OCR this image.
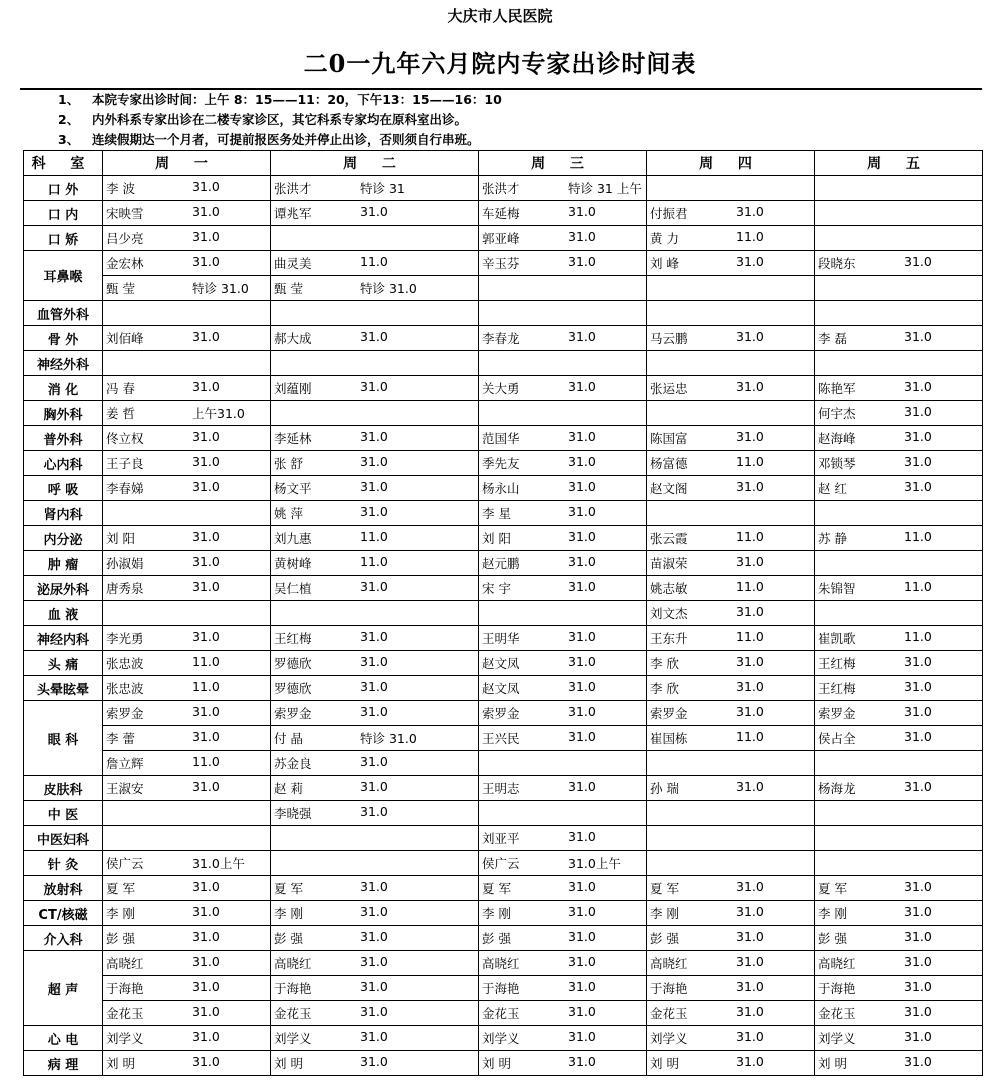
大庆市人民医院
二0一九年六月院内专家出诊时间表
1、 本院专家出诊时间：上午 8：15——11：20，下午13：15——16：10
2、 内外科系专家出诊在二楼专家诊区，其它科系专家均在原科室出诊。
3、 连续假期达一个月者，可提前报医务处并停止出诊，否则须自行串班。
科 室	周 一	周 二	周 三	周 四	周 五
口 外	李 波 31.0	张洪才 特诊 31	张洪才 特诊 31 上午		

口 内	宋映雪 31.0	谭兆军 31.0	车延梅 31.0	付振君 31.0	

口 矫	吕少亮 31.0		郭亚峰 31.0	黄 力 11.0	

耳鼻喉	金宏林 31.0	曲灵美 11.0	辛玉芬 31.0	刘 峰 31.0	段晓东 31.0

	甄 莹 特诊 31.0	甄 莹 特诊 31.0			

血管外科	

骨 外	刘佰峰 31.0	郝大成 31.0	李春龙 31.0	马云鹏 31.0	李 磊 31.0

神经外科	

消 化	冯 春 31.0	刘蕴刚 31.0	关大勇 31.0	张运忠 31.0	陈艳军 31.0

胸外科	姜 哲 上午31.0				何宇杰 31.0

普外科	佟立权 31.0	李延林 31.0	范国华 31.0	陈国富 31.0	赵海峰 31.0

心内科	王子良 31.0	张 舒 31.0	季先友 31.0	杨富德 11.0	邓锁琴 31.0

呼 吸	李春娣 31.0	杨文平 31.0	杨永山 31.0	赵文阁 31.0	赵 红 31.0

肾内科		姚 萍 31.0	李 星 31.0		

内分泌	刘 阳 31.0	刘九惠 11.0	刘 阳 31.0	张云霞 11.0	苏 静 11.0

肿 瘤	孙淑娟 31.0	黄树峰 11.0	赵元鹏 31.0	苗淑荣 31.0	

泌尿外科	唐秀泉 31.0	吴仁植 31.0	宋 宇 31.0	姚志敏 11.0	朱锦智 11.0

血 液				刘文杰 31.0	

神经内科	李光勇 31.0	王红梅 31.0	王明华 31.0	王东升 11.0	崔凯歌 11.0

头 痛	张忠波 11.0	罗德欣 31.0	赵文凤 31.0	李 欣 31.0	王红梅 31.0

头晕眩晕	张忠波 11.0	罗德欣 31.0	赵文凤 31.0	李 欣 31.0	王红梅 31.0

眼 科	索罗金 31.0	索罗金 31.0	索罗金 31.0	索罗金 31.0	索罗金 31.0

	李 蕾 31.0	付 晶 特诊 31.0	王兴民 31.0	崔国栋 11.0	侯占全 31.0

	詹立辉 11.0	苏金良 31.0			

皮肤科	王淑安 31.0	赵 莉 31.0	王明志 31.0	孙 瑞 31.0	杨海龙 31.0

中 医		李晓强 31.0			

中医妇科			刘亚平 31.0		

针 灸	侯广云 31.0上午		侯广云 31.0上午		

放射科	夏 军 31.0	夏 军 31.0	夏 军 31.0	夏 军 31.0	夏 军 31.0

CT/核磁	李 刚 31.0	李 刚 31.0	李 刚 31.0	李 刚 31.0	李 刚 31.0

介入科	彭 强 31.0	彭 强 31.0	彭 强 31.0	彭 强 31.0	彭 强 31.0

超 声	高晓红 31.0	高晓红 31.0	高晓红 31.0	高晓红 31.0	高晓红 31.0

	于海艳 31.0	于海艳 31.0	于海艳 31.0	于海艳 31.0	于海艳 31.0

	金花玉 31.0	金花玉 31.0	金花玉 31.0	金花玉 31.0	金花玉 31.0

心 电	刘学义 31.0	刘学义 31.0	刘学义 31.0	刘学义 31.0	刘学义 31.0

病 理	刘 明 31.0	刘 明 31.0	刘 明 31.0	刘 明 31.0	刘 明 31.0
